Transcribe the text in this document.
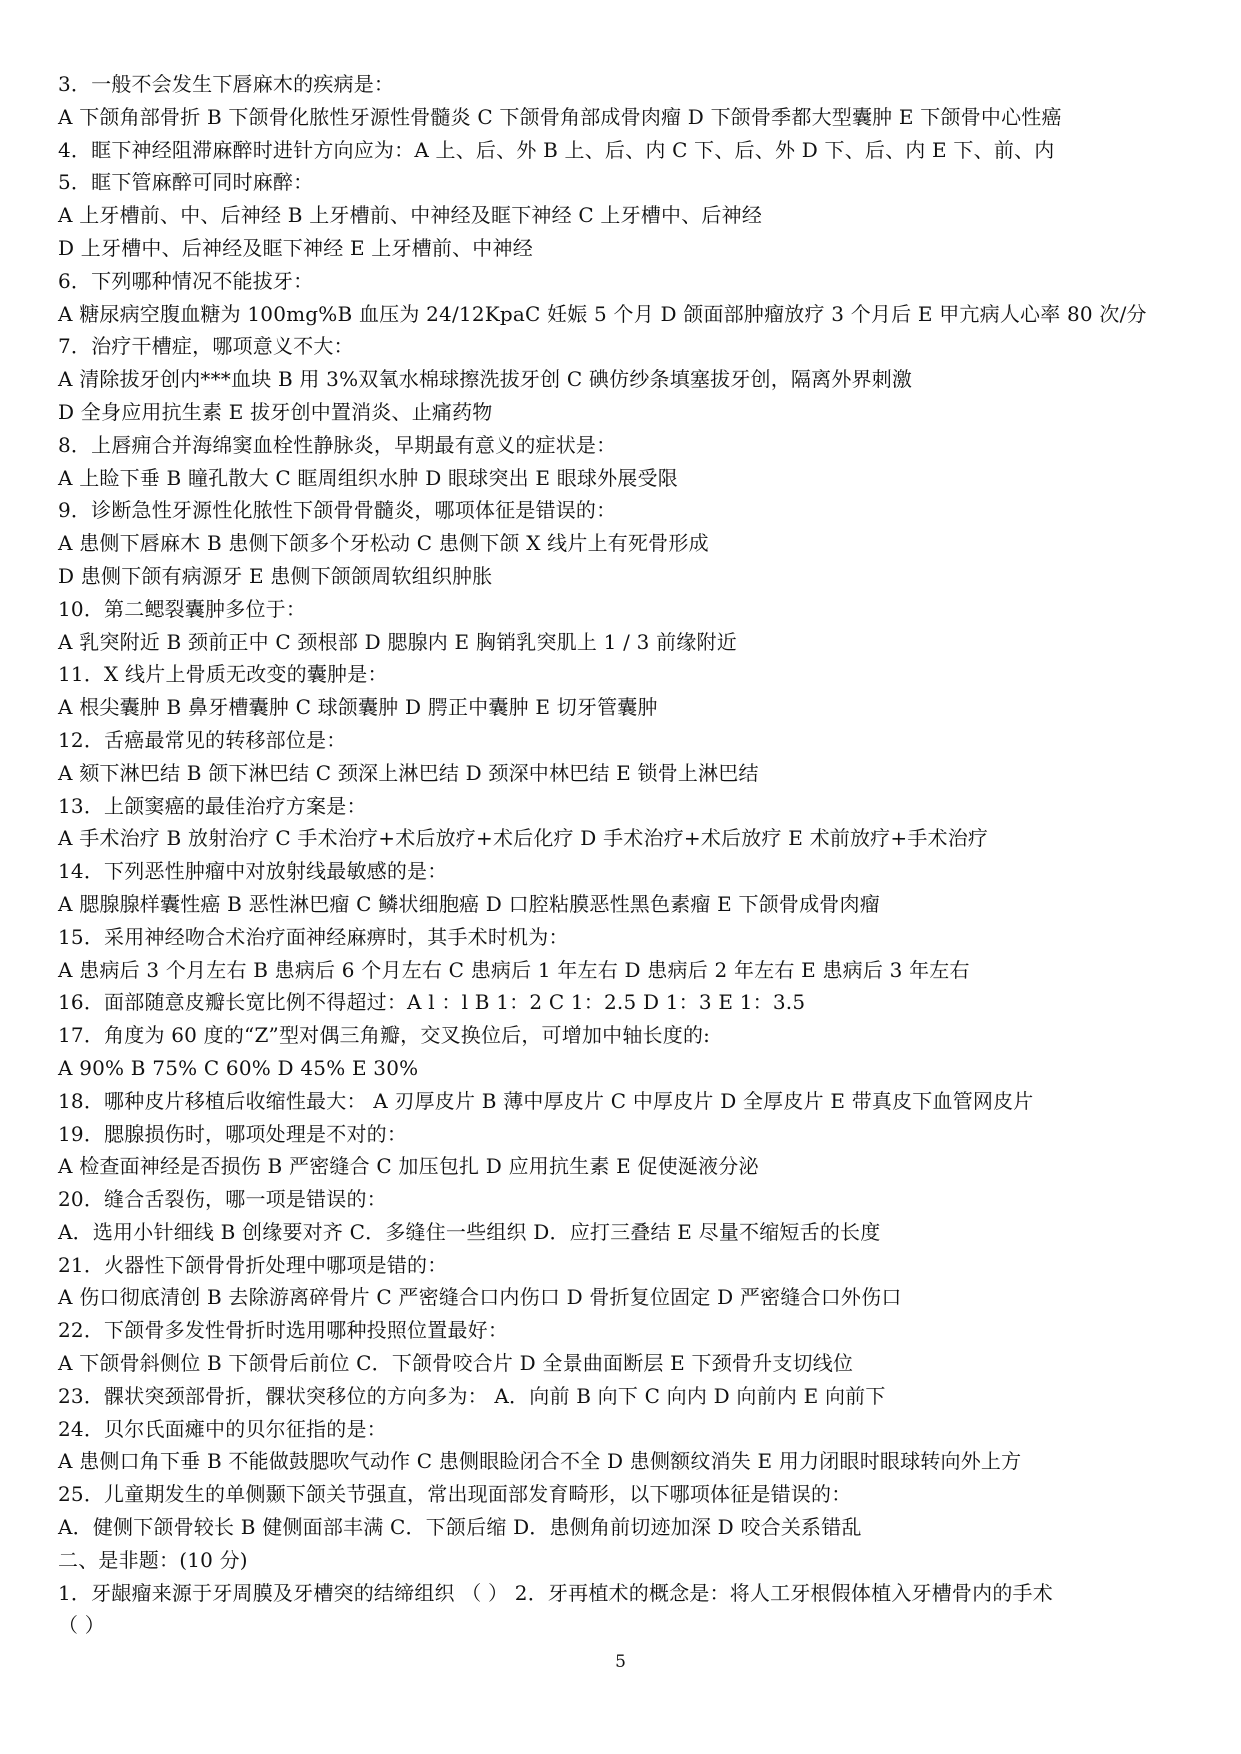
3．一般不会发生下唇麻木的疾病是：
A 下颌角部骨折 B 下颌骨化脓性牙源性骨髓炎 C 下颌骨角部成骨肉瘤 D 下颌骨季都大型囊肿 E 下颌骨中心性癌
4．眶下神经阻滞麻醉时进针方向应为：A 上、后、外 B 上、后、内 C 下、后、外 D 下、后、内 E 下、前、内
5．眶下管麻醉可同时麻醉：
A 上牙槽前、中、后神经 B 上牙槽前、中神经及眶下神经 C 上牙槽中、后神经
D 上牙槽中、后神经及眶下神经 E 上牙槽前、中神经
6．下列哪种情况不能拔牙：
A 糖尿病空腹血糖为 100mg%B 血压为 24/12KpaC 妊娠 5 个月 D 颌面部肿瘤放疗 3 个月后 E 甲亢病人心率 80 次/分
7．治疗干槽症，哪项意义不大：
A 清除拔牙创内***血块 B 用 3%双氧水棉球擦洗拔牙创 C 碘仿纱条填塞拔牙创，隔离外界刺激
D 全身应用抗生素 E 拔牙创中置消炎、止痛药物
8．上唇痈合并海绵窦血栓性静脉炎，早期最有意义的症状是：
A 上睑下垂 B 瞳孔散大 C 眶周组织水肿 D 眼球突出 E 眼球外展受限
9．诊断急性牙源性化脓性下颌骨骨髓炎，哪项体征是错误的：
A 患侧下唇麻木 B 患侧下颌多个牙松动 C 患侧下颌 X 线片上有死骨形成
D 患侧下颌有病源牙 E 患侧下颌颌周软组织肿胀
10．第二鳃裂囊肿多位于：
A 乳突附近 B 颈前正中 C 颈根部 D 腮腺内 E 胸销乳突肌上 1 / 3 前缘附近
11．X 线片上骨质无改变的囊肿是：
A 根尖囊肿 B 鼻牙槽囊肿 C 球颌囊肿 D 腭正中囊肿 E 切牙管囊肿
12．舌癌最常见的转移部位是：
A 颏下淋巴结 B 颌下淋巴结 C 颈深上淋巴结 D 颈深中林巴结 E 锁骨上淋巴结
13．上颌窦癌的最佳治疗方案是：
A 手术治疗 B 放射治疗 C 手术治疗+术后放疗+术后化疗 D 手术治疗+术后放疗 E 术前放疗+手术治疗
14．下列恶性肿瘤中对放射线最敏感的是：
A 腮腺腺样囊性癌 B 恶性淋巴瘤 C 鳞状细胞癌 D 口腔粘膜恶性黑色素瘤 E 下颌骨成骨肉瘤
15．采用神经吻合术治疗面神经麻痹时，其手术时机为：
A 患病后 3 个月左右 B 患病后 6 个月左右 C 患病后 1 年左右 D 患病后 2 年左右 E 患病后 3 年左右
16．面部随意皮瓣长宽比例不得超过：A l ：l B 1：2 C 1：2.5 D 1：3 E 1：3.5
17．角度为 60 度的“Z”型对偶三角瓣，交叉换位后，可增加中轴长度的:
A 90% B 75% C 60% D 45% E 30%
18．哪种皮片移植后收缩性最大： A 刃厚皮片 B 薄中厚皮片 C 中厚皮片 D 全厚皮片 E 带真皮下血管网皮片
19．腮腺损伤时，哪项处理是不对的：
A 检查面神经是否损伤 B 严密缝合 C 加压包扎 D 应用抗生素 E 促使涎液分泌
20．缝合舌裂伤，哪一项是错误的：
A．选用小针细线 B 创缘要对齐 C．多缝住一些组织 D．应打三叠结 E 尽量不缩短舌的长度
21．火器性下颌骨骨折处理中哪项是错的：
A 伤口彻底清创 B 去除游离碎骨片 C 严密缝合口内伤口 D 骨折复位固定 D 严密缝合口外伤口
22．下颌骨多发性骨折时选用哪种投照位置最好：
A 下颌骨斜侧位 B 下颌骨后前位 C．下颌骨咬合片 D 全景曲面断层 E 下颈骨升支切线位
23．髁状突颈部骨折，髁状突移位的方向多为： A．向前 B 向下 C 向内 D 向前内 E 向前下
24．贝尔氏面瘫中的贝尔征指的是：
A 患侧口角下垂 B 不能做鼓腮吹气动作 C 患侧眼睑闭合不全 D 患侧额纹消失 E 用力闭眼时眼球转向外上方
25．儿童期发生的单侧颞下颌关节强直，常出现面部发育畸形，以下哪项体征是错误的：
A．健侧下颌骨较长 B 健侧面部丰满 C．下颌后缩 D．患侧角前切迹加深 D 咬合关系错乱
二、是非题：(10 分)
1．牙龈瘤来源于牙周膜及牙槽突的结缔组织 （ ） 2．牙再植术的概念是：将人工牙根假体植入牙槽骨内的手术
（ ）
5
